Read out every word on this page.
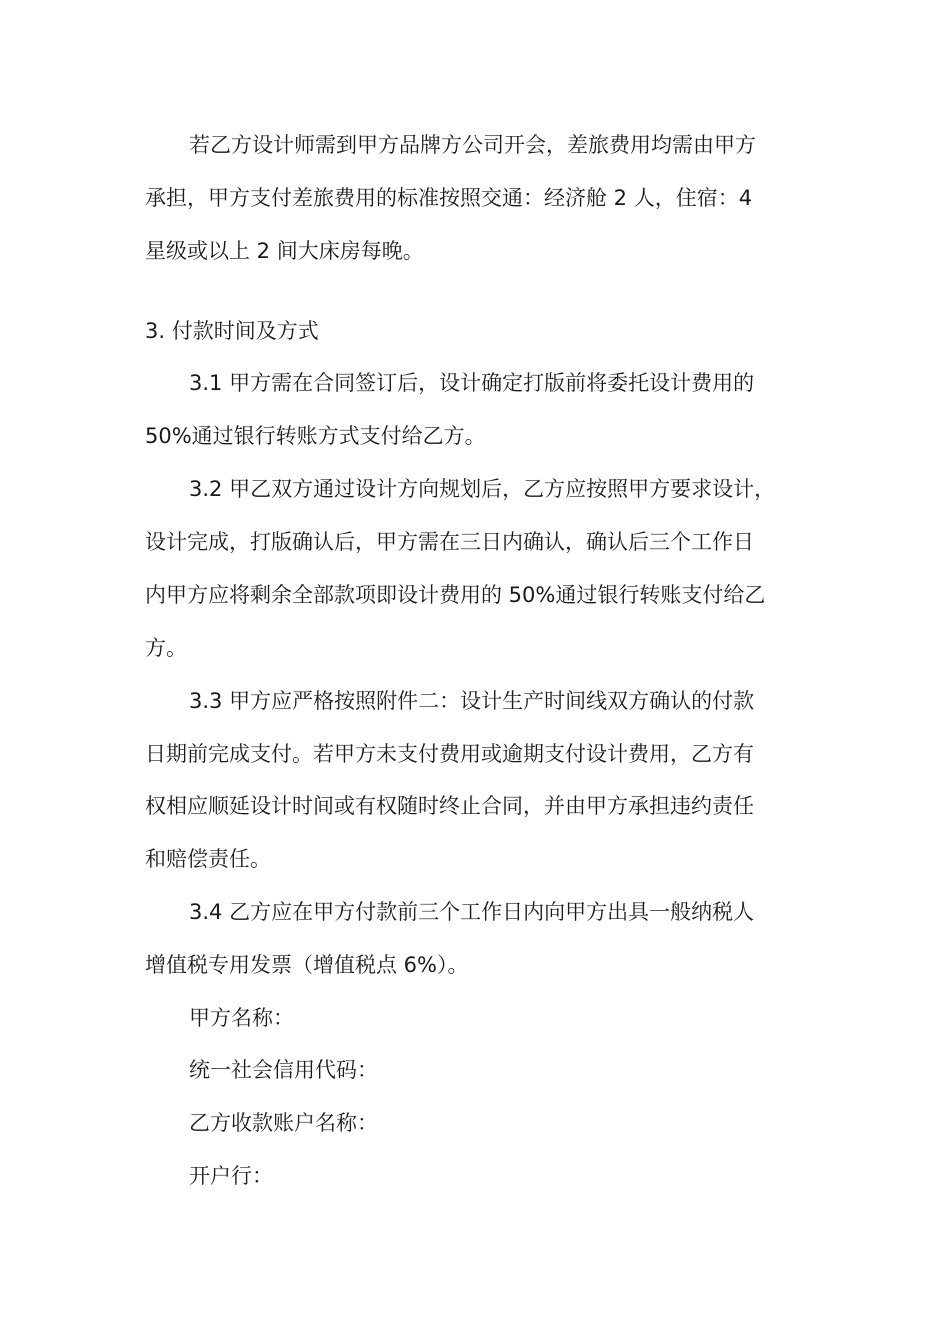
若乙方设计师需到甲方品牌方公司开会，差旅费用均需由甲方
承担，甲方支付差旅费用的标准按照交通：经济舱 2 人，住宿：4
星级或以上 2 间大床房每晚。
3. 付款时间及方式
3.1 甲方需在合同签订后，设计确定打版前将委托设计费用的
50%通过银行转账方式支付给乙方。
3.2 甲乙双方通过设计方向规划后，乙方应按照甲方要求设计，
设计完成，打版确认后，甲方需在三日内确认，确认后三个工作日
内甲方应将剩余全部款项即设计费用的 50%通过银行转账支付给乙
方。
3.3 甲方应严格按照附件二：设计生产时间线双方确认的付款
日期前完成支付。若甲方未支付费用或逾期支付设计费用，乙方有
权相应顺延设计时间或有权随时终止合同，并由甲方承担违约责任
和赔偿责任。
3.4 乙方应在甲方付款前三个工作日内向甲方出具一般纳税人
增值税专用发票（增值税点 6%）。
甲方名称：
统一社会信用代码：
乙方收款账户名称：
开户行：
